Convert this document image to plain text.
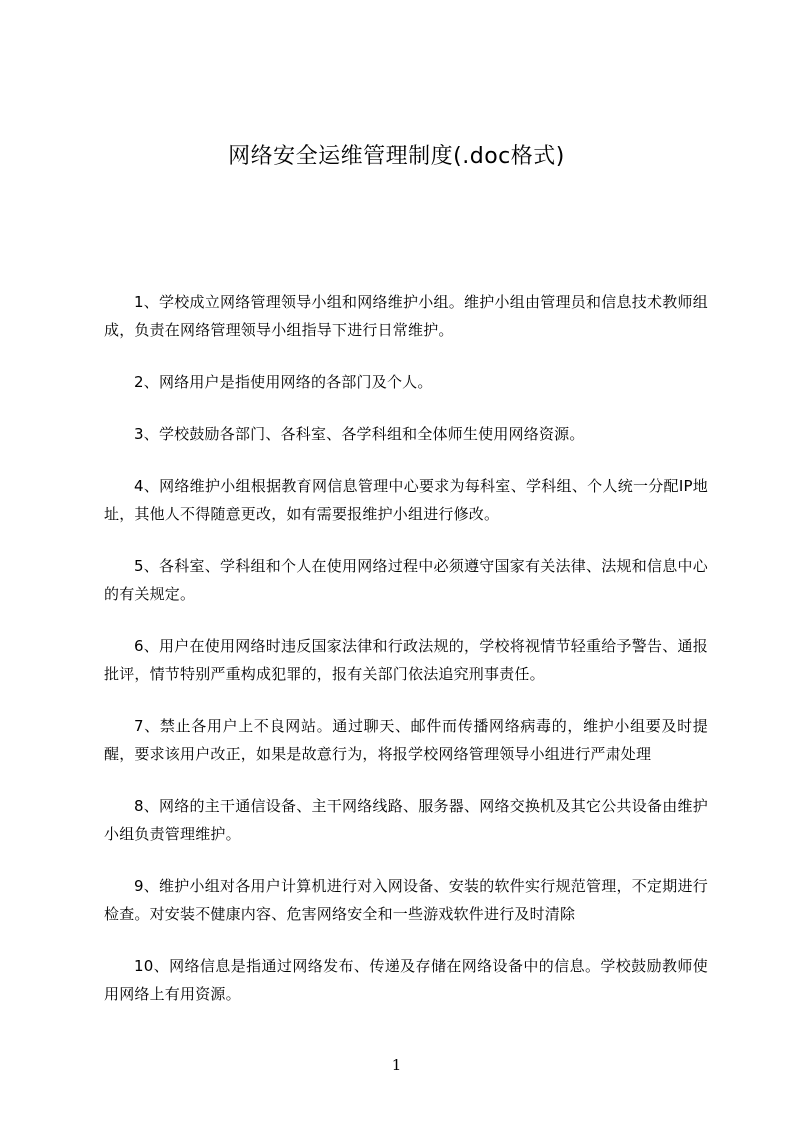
网络安全运维管理制度(.doc格式)

1、学校成立网络管理领导小组和网络维护小组。维护小组由管理员和信息技术教师组成，负责在网络管理领导小组指导下进行日常维护。

2、网络用户是指使用网络的各部门及个人。

3、学校鼓励各部门、各科室、各学科组和全体师生使用网络资源。

4、网络维护小组根据教育网信息管理中心要求为每科室、学科组、个人统一分配IP地址，其他人不得随意更改，如有需要报维护小组进行修改。

5、各科室、学科组和个人在使用网络过程中必须遵守国家有关法律、法规和信息中心的有关规定。

6、用户在使用网络时违反国家法律和行政法规的，学校将视情节轻重给予警告、通报批评，情节特别严重构成犯罪的，报有关部门依法追究刑事责任。

7、禁止各用户上不良网站。通过聊天、邮件而传播网络病毒的，维护小组要及时提醒，要求该用户改正，如果是故意行为，将报学校网络管理领导小组进行严肃处理

8、网络的主干通信设备、主干网络线路、服务器、网络交换机及其它公共设备由维护小组负责管理维护。

9、维护小组对各用户计算机进行对入网设备、安装的软件实行规范管理，不定期进行检查。对安装不健康内容、危害网络安全和一些游戏软件进行及时清除

10、网络信息是指通过网络发布、传递及存储在网络设备中的信息。学校鼓励教师使用网络上有用资源。

1
